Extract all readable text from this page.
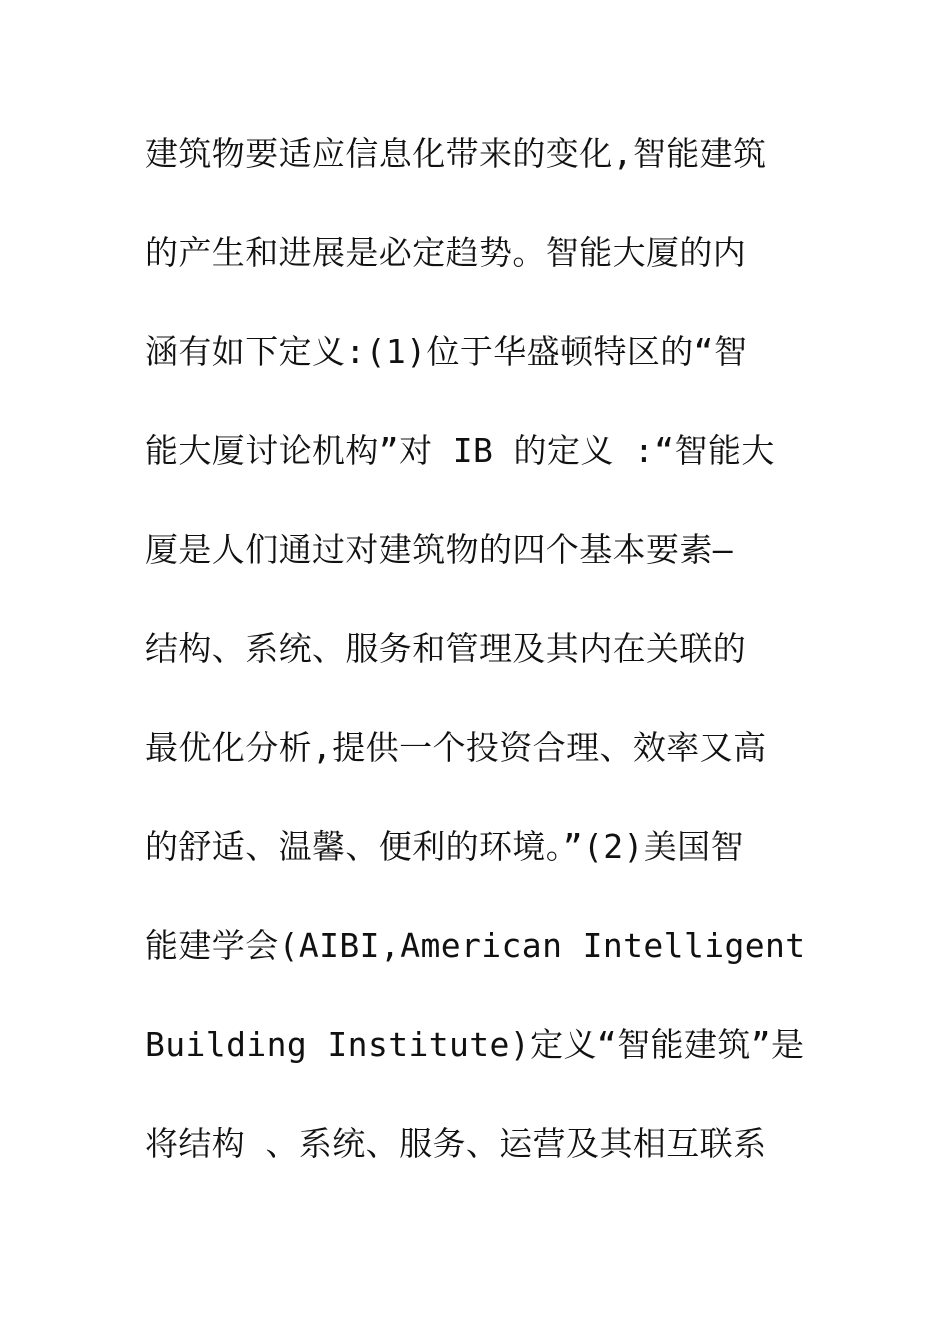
建筑物要适应信息化带来的变化,智能建筑
的产生和进展是必定趋势。智能大厦的内
涵有如下定义:(1)位于华盛顿特区的“智
能大厦讨论机构”对 IB 的定义 :“智能大
厦是人们通过对建筑物的四个基本要素—
结构、系统、服务和管理及其内在关联的
最优化分析,提供一个投资合理、效率又高
的舒适、温馨、便利的环境。”(2)美国智
能建学会(AIBI,American Intelligent
Building Institute)定义“智能建筑”是
将结构 、系统、服务、运营及其相互联系
